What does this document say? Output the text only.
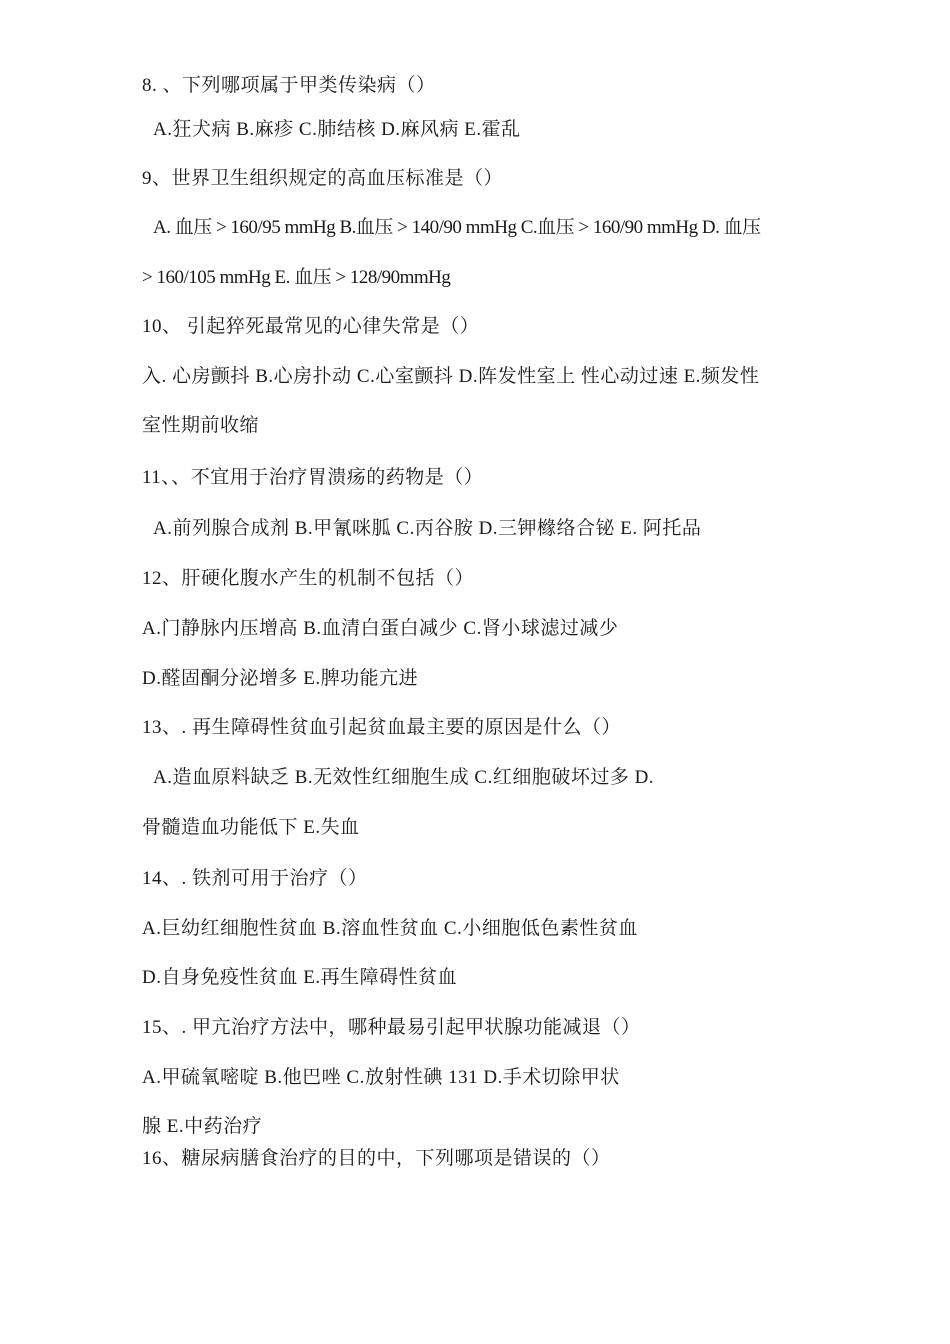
8. 、下列哪项属于甲类传染病（）
A.狂犬病 B.麻疹 C.肺结核 D.麻风病 E.霍乱
9、世界卫生组织规定的高血压标准是（）
A. 血压 > 160/95 mmHg B.血压 > 140/90 mmHg C.血压 > 160/90 mmHg D. 血压
> 160/105 mmHg E. 血压 > 128/90mmHg
10、 引起猝死最常见的心律失常是（）
入. 心房颤抖 B.心房扑动 C.心室颤抖 D.阵发性室上 性心动过速 E.频发性
室性期前收缩
11、、不宜用于治疗胃溃疡的药物是（）
A.前列腺合成剂 B.甲氰咪胍 C.丙谷胺 D.三钾橼络合铋 E. 阿托品
12、肝硬化腹水产生的机制不包括（）
A.门静脉内压增高 B.血清白蛋白减少 C.肾小球滤过减少
D.醛固酮分泌增多 E.脾功能亢进
13、. 再生障碍性贫血引起贫血最主要的原因是什么（）
A.造血原料缺乏 B.无效性红细胞生成 C.红细胞破坏过多 D.
骨髓造血功能低下 E.失血
14、. 铁剂可用于治疗（）
A.巨幼红细胞性贫血 B.溶血性贫血 C.小细胞低色素性贫血
D.自身免疫性贫血 E.再生障碍性贫血
15、. 甲亢治疗方法中，哪种最易引起甲状腺功能减退（）
A.甲硫氧嘧啶 B.他巴唑 C.放射性碘 131 D.手术切除甲状
腺 E.中药治疗
16、糖尿病膳食治疗的目的中，下列哪项是错误的（）
